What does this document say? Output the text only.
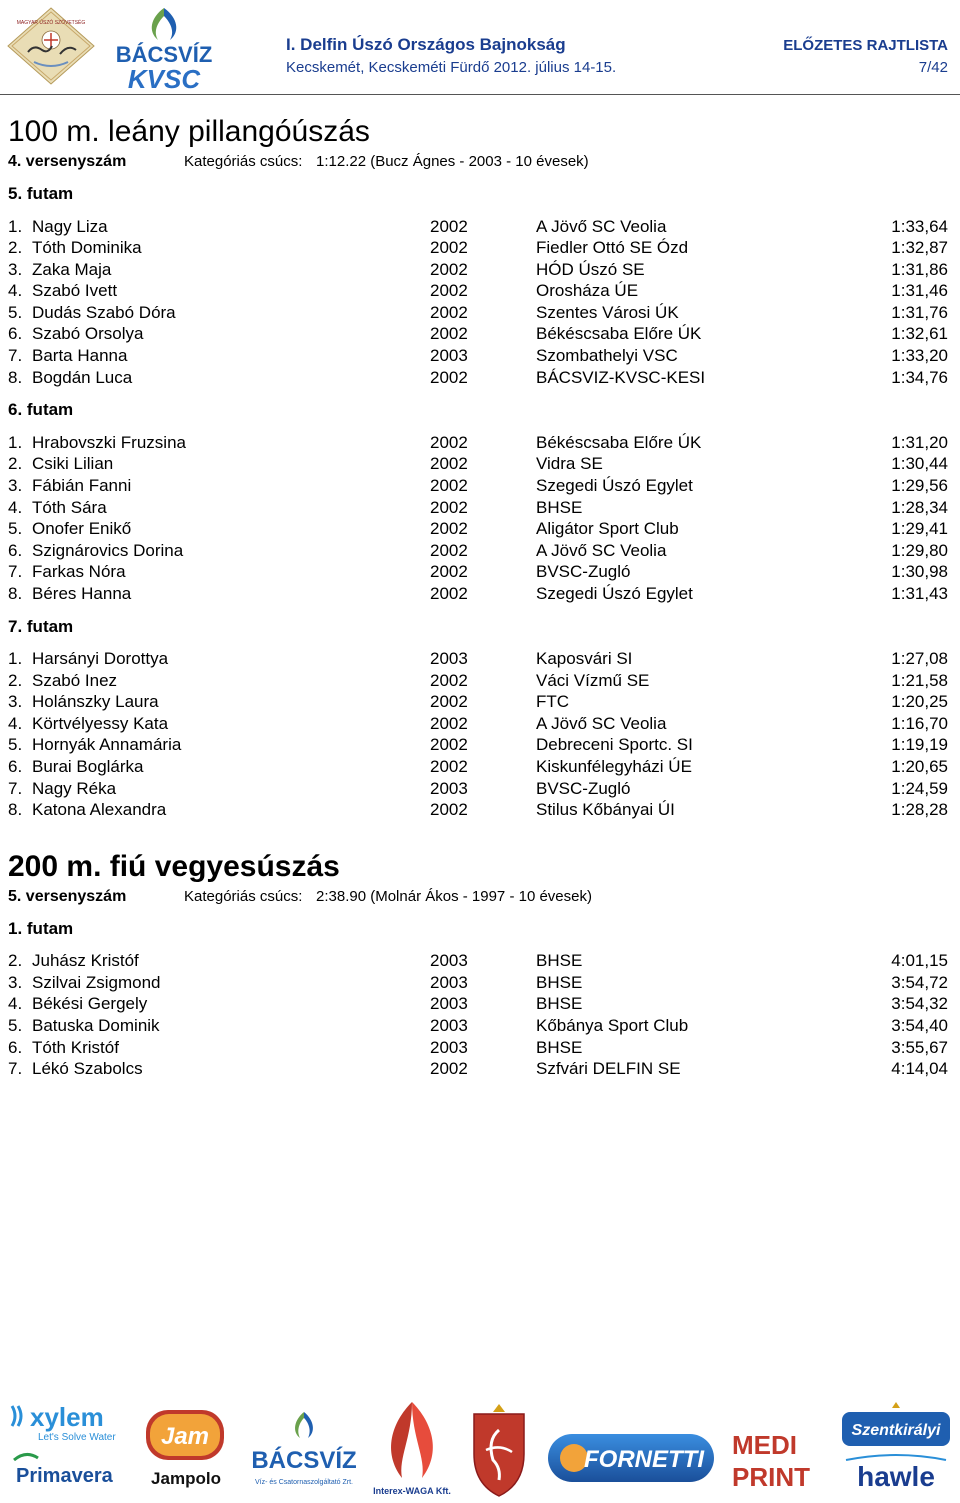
MAGYAR ÚSZÓ SZÖVETSÉG
BÁCSVÍZ
KVSC
I. Delfin Úszó Országos Bajnokság
Kecskemét, Kecskeméti Fürdő 2012. július 14-15.
ELŐZETES RAJTLISTA
7/42
100 m. leány pillangóúszás
4. versenyszám	Kategóriás csúcs: 1:12.22 (Bucz Ágnes - 2003 - 10 évesek)
5. futam
1. Nagy Liza	2002	A Jövő SC Veolia	1:33,64
2. Tóth Dominika	2002	Fiedler Ottó SE Ózd	1:32,87
3. Zaka Maja	2002	HÓD Úszó SE	1:31,86
4. Szabó Ivett	2002	Orosháza ÚE	1:31,46
5. Dudás Szabó Dóra	2002	Szentes Városi ÚK	1:31,76
6. Szabó Orsolya	2002	Békéscsaba Előre ÚK	1:32,61
7. Barta Hanna	2003	Szombathelyi VSC	1:33,20
8. Bogdán Luca	2002	BÁCSVIZ-KVSC-KESI	1:34,76
6. futam
1. Hrabovszki Fruzsina	2002	Békéscsaba Előre ÚK	1:31,20
2. Csiki Lilian	2002	Vidra SE	1:30,44
3. Fábián Fanni	2002	Szegedi Úszó Egylet	1:29,56
4. Tóth Sára	2002	BHSE	1:28,34
5. Onofer Enikő	2002	Aligátor Sport Club	1:29,41
6. Szignárovics Dorina	2002	A Jövő SC Veolia	1:29,80
7. Farkas Nóra	2002	BVSC-Zugló	1:30,98
8. Béres Hanna	2002	Szegedi Úszó Egylet	1:31,43
7. futam
1. Harsányi Dorottya	2003	Kaposvári SI	1:27,08
2. Szabó Inez	2002	Váci Vízmű SE	1:21,58
3. Holánszky Laura	2002	FTC	1:20,25
4. Körtvélyessy Kata	2002	A Jövő SC Veolia	1:16,70
5. Hornyák Annamária	2002	Debreceni Sportc. SI	1:19,19
6. Burai Boglárka	2002	Kiskunfélegyházi ÚE	1:20,65
7. Nagy Réka	2003	BVSC-Zugló	1:24,59
8. Katona Alexandra	2002	Stilus Kőbányai ÚI	1:28,28
200 m. fiú vegyesúszás
5. versenyszám	Kategóriás csúcs: 2:38.90 (Molnár Ákos - 1997 - 10 évesek)
1. futam
2. Juhász Kristóf	2003	BHSE	4:01,15
3. Szilvai Zsigmond	2003	BHSE	3:54,72
4. Békési Gergely	2003	BHSE	3:54,32
5. Batuska Dominik	2003	Kőbánya Sport Club	3:54,40
6. Tóth Kristóf	2003	BHSE	3:55,67
7. Lékó Szabolcs	2002	Szfvári DELFIN SE	4:14,04
xylem
Let's Solve Water
Primavera
Jam
Jampolo
BÁCSVÍZ
Víz- és Csatornaszolgáltató Zrt.
Interex-WAGA Kft.
FORNETTI MEDI
PRINT
Szentkirályi
hawle
